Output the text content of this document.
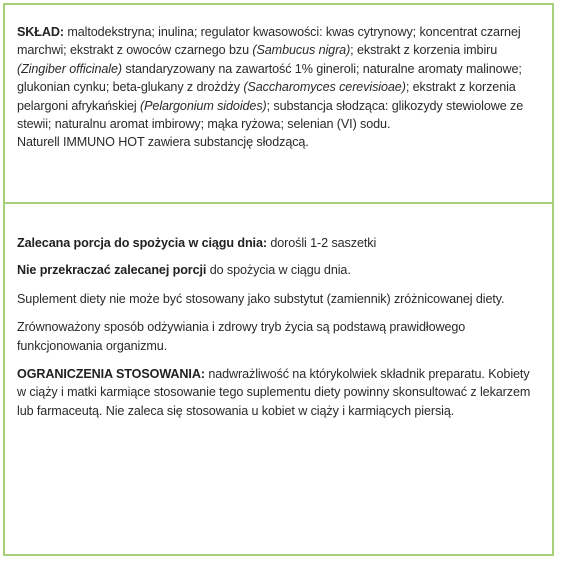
SKŁAD: maltodekstryna; inulina; regulator kwasowości: kwas cytrynowy; koncentrat czarnej marchwi; ekstrakt z owoców czarnego bzu (Sambucus nigra); ekstrakt z korzenia imbiru (Zingiber officinale) standaryzowany na zawartość 1% gineroli; naturalne aromaty malinowe; glukonian cynku; beta-glukany z drożdży (Saccharomyces cerevisioae); ekstrakt z korzenia pelargoni afrykańskiej (Pelargonium sidoides); substancja słodząca: glikozydy stewiolowe ze stewii; naturalnu aromat imbirowy; mąka ryżowa; selenian (VI) sodu.
Naturell IMMUNO HOT zawiera substancję słodzącą.

Zalecana porcja do spożycia w ciągu dnia: dorośli 1-2 saszetki

Nie przekraczać zalecanej porcji do spożycia w ciągu dnia.

Suplement diety nie może być stosowany jako substytut (zamiennik) zróżnicowanej diety.

Zrównoważony sposób odżywiania i zdrowy tryb życia są podstawą prawidłowego funkcjonowania organizmu.

OGRANICZENIA STOSOWANIA: nadwrażliwość na którykolwiek składnik preparatu. Kobiety w ciąży i matki karmiące stosowanie tego suplementu diety powinny skonsultować z lekarzem lub farmaceutą. Nie zaleca się stosowania u kobiet w ciąży i karmiących piersią.
